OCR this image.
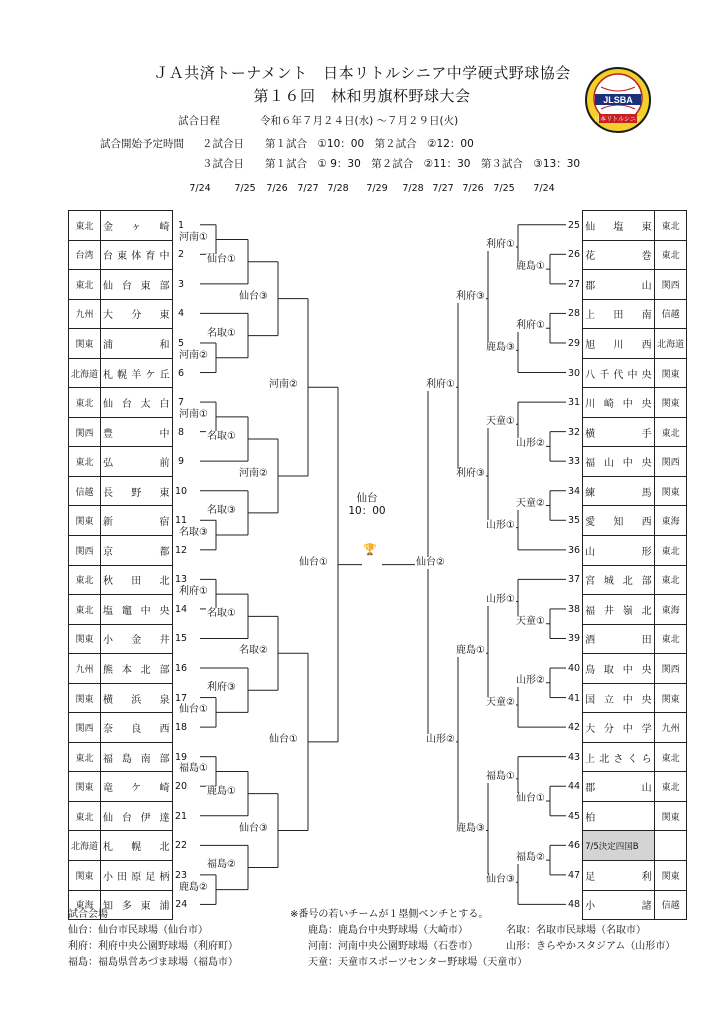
ＪＡ共済トーナメント　日本リトルシニア中学硬式野球協会
第１６回　林和男旗杯野球大会	JLSBA
日本リトルシニア
試合日程	令和６年７月２４日(水) ～７月２９日(火)
試合開始予定時間 ２試合日　　第１試合　①10：00　第２試合　②12：00
３試合日　　第１試合　① 9：30　第２試合　②11：30　第３試合　③13：30
7/24	7/25	7/26	7/27 7/28	7/29	7/28 7/27 7/26	7/25	7/24
東北	金ヶ崎	1
台湾	台東体育中	2
東北	仙台東部	3
九州	大分東	4
関東	浦和	5
北海道	札幌羊ケ丘	6
東北	仙台太白	7
関西	豊中	8
東北	弘前	9
信越	長野東	10
関東	新宿	11
関西	京都	12
東北	秋田北	13
東北	塩竈中央	14
関東	小金井	15
九州	熊本北部	16
関東	横浜泉	17
関西	奈良西	18
東北	福島南部	19
関東	竜ケ崎	20
東北	仙台伊達	21
北海道	札幌北	22
関東	小田原足柄	23
東海	知多東浦	24
25	仙塩東	東北
26	花巻	東北
27	郡山	関西
28	上田南	信越
29	旭川西	北海道
30	八千代中央	関東
31	川崎中央	関東
32	横手	東北
33	福山中央	関西
34	練馬	関東
35	愛知西	東海
36	山形	東北
37	宮城北部	東北
38	福井嶺北	東海
39	酒田	東北
40	鳥取中央	関西
41	国立中央	関東
42	大分中学	九州
43	上北さくら	東北
44	郡山	東北
45	柏	関東
46	7/5決定四国B	
47	足利	関東
48	小諸	信越
仙台
10：00
🏆
河南①
河南②
河南①
名取③
利府①
仙台①
福島①
鹿島②
仙台①
名取①
名取①
名取③
名取①
利府③
鹿島①
福島②
仙台③
河南②
名取②
仙台③
河南②
仙台①
仙台①
鹿島①
利府①
山形②
天童②
天童①
山形②
仙台①
福島②
利府①
鹿島③
天童①
山形①
山形①
天童②
福島①
仙台③
利府③
利府③
鹿島①
鹿島③
利府①
山形②
仙台②
試合会場	※番号の若いチームが１塁側ベンチとする。
仙台：仙台市民球場（仙台市）
利府：利府中央公園野球場（利府町）
福島：福島県営あづま球場（福島市）
鹿島：鹿島台中央野球場（大崎市）
河南：河南中央公園野球場（石巻市）
天童：天童市スポーツセンター野球場（天童市）
名取：名取市民球場（名取市）
山形：きらやかスタジアム（山形市）
